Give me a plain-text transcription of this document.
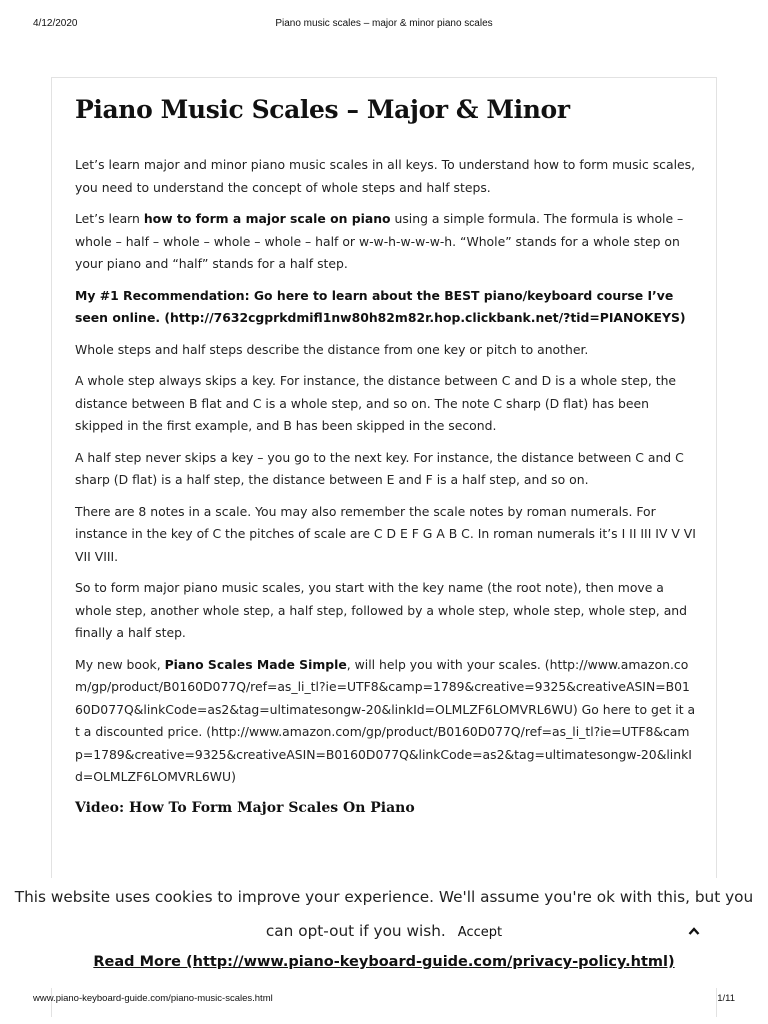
4/12/2020	Piano music scales – major & minor piano scales
Piano Music Scales – Major & Minor

Let’s learn major and minor piano music scales in all keys. To understand how to form music scales, you need to understand the concept of whole steps and half steps.

Let’s learn how to form a major scale on piano using a simple formula. The formula is whole – whole – half – whole – whole – whole – half or w-w-h-w-w-w-h. “Whole” stands for a whole step on your piano and “half” stands for a half step.

My #1 Recommendation: Go here to learn about the BEST piano/keyboard course I’ve seen online. (http://7632cgprkdmifl1nw80h82m82r.hop.clickbank.net/?tid=PIANOKEYS)

Whole steps and half steps describe the distance from one key or pitch to another.

A whole step always skips a key. For instance, the distance between C and D is a whole step, the distance between B flat and C is a whole step, and so on. The note C sharp (D flat) has been skipped in the first example, and B has been skipped in the second.

A half step never skips a key – you go to the next key. For instance, the distance between C and C sharp (D flat) is a half step, the distance between E and F is a half step, and so on.

There are 8 notes in a scale. You may also remember the scale notes by roman numerals. For instance in the key of C the pitches of scale are C D E F G A B C. In roman numerals it’s I II III IV V VI VII VIII.

So to form major piano music scales, you start with the key name (the root note), then move a whole step, another whole step, a half step, followed by a whole step, whole step, whole step, and finally a half step.

My new book, Piano Scales Made Simple, will help you with your scales. (http://www.amazon.com/gp/product/B0160D077Q/ref=as_li_tl?ie=UTF8&camp=1789&creative=9325&creativeASIN=B0160D077Q&linkCode=as2&tag=ultimatesongw-20&linkId=OLMLZF6LOMVRL6WU) Go here to get it at a discounted price. (http://www.amazon.com/gp/product/B0160D077Q/ref=as_li_tl?ie=UTF8&camp=1789&creative=9325&creativeASIN=B0160D077Q&linkCode=as2&tag=ultimatesongw-20&linkId=OLMLZF6LOMVRL6WU)

Video: How To Form Major Scales On Piano
This website uses cookies to improve your experience. We'll assume you're ok with this, but you
can opt-out if you wish. Accept
Read More (http://www.piano-keyboard-guide.com/privacy-policy.html)
www.piano-keyboard-guide.com/piano-music-scales.html	1/11
